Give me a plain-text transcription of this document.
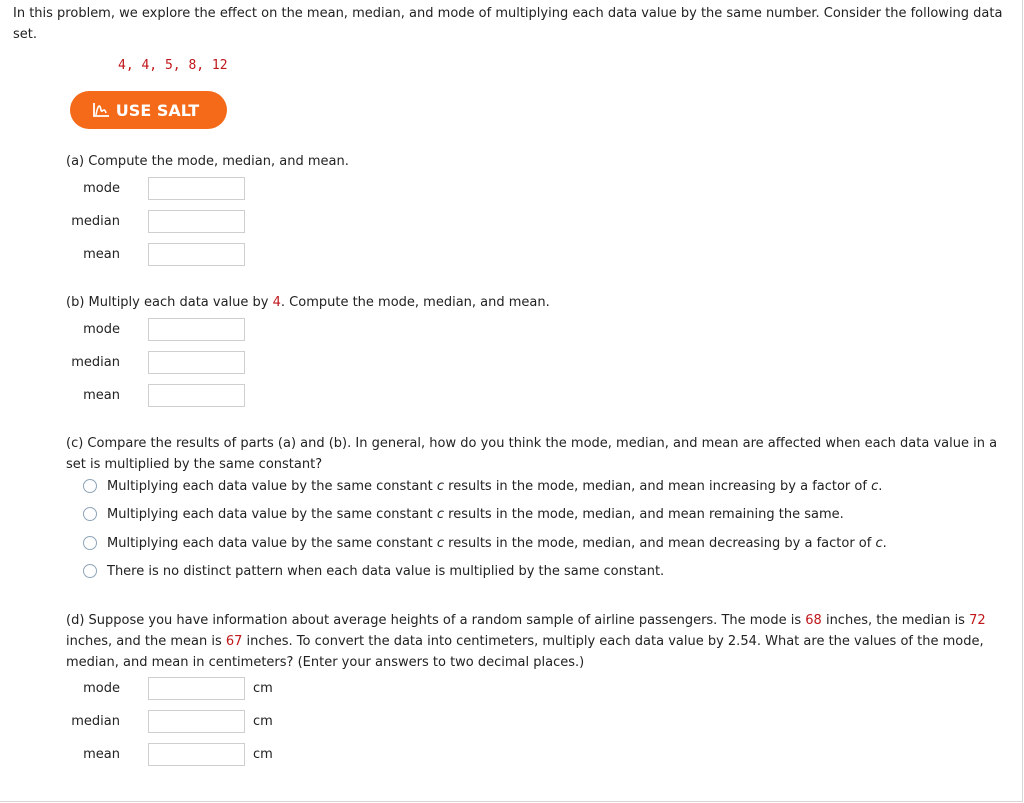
In this problem, we explore the effect on the mean, median, and mode of multiplying each data value by the same number. Consider the following data set.
4, 4, 5, 8, 12
USE SALT
(a) Compute the mode, median, and mean.
mode
median
mean
(b) Multiply each data value by 4. Compute the mode, median, and mean.
mode
median
mean
(c) Compare the results of parts (a) and (b). In general, how do you think the mode, median, and mean are affected when each data value in a set is multiplied by the same constant?
Multiplying each data value by the same constant c results in the mode, median, and mean increasing by a factor of c.
Multiplying each data value by the same constant c results in the mode, median, and mean remaining the same.
Multiplying each data value by the same constant c results in the mode, median, and mean decreasing by a factor of c.
There is no distinct pattern when each data value is multiplied by the same constant.
(d) Suppose you have information about average heights of a random sample of airline passengers. The mode is 68 inches, the median is 72 inches, and the mean is 67 inches. To convert the data into centimeters, multiply each data value by 2.54. What are the values of the mode, median, and mean in centimeters? (Enter your answers to two decimal places.)
mode	cm
median	cm
mean	cm
